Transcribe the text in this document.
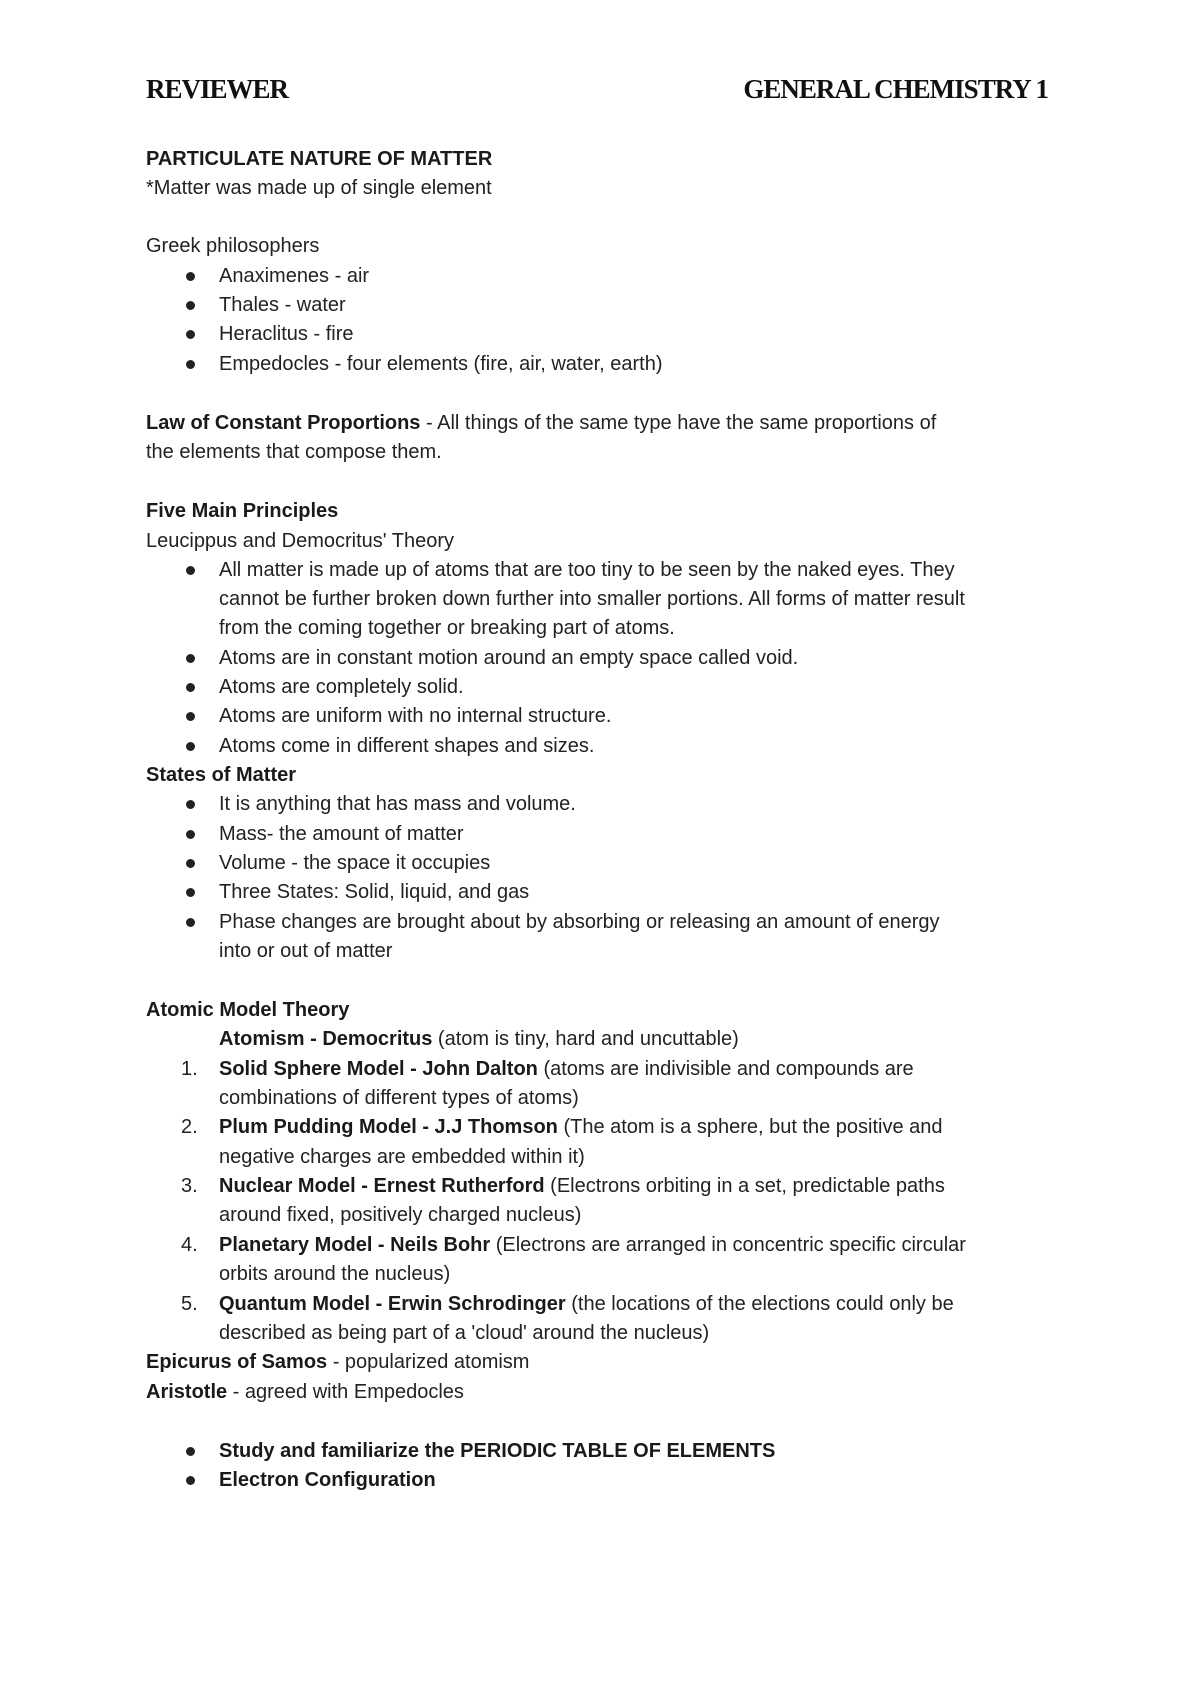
REVIEWER	GENERAL CHEMISTRY 1
PARTICULATE NATURE OF MATTER
*Matter was made up of single element
Greek philosophers
Anaximenes - air
Thales - water
Heraclitus - fire
Empedocles - four elements (fire, air, water, earth)
Law of Constant Proportions - All things of the same type have the same proportions of
the elements that compose them.
Five Main Principles
Leucippus and Democritus' Theory
All matter is made up of atoms that are too tiny to be seen by the naked eyes. They
cannot be further broken down further into smaller portions. All forms of matter result
from the coming together or breaking part of atoms.
Atoms are in constant motion around an empty space called void.
Atoms are completely solid.
Atoms are uniform with no internal structure.
Atoms come in different shapes and sizes.
States of Matter
It is anything that has mass and volume.
Mass- the amount of matter
Volume - the space it occupies
Three States: Solid, liquid, and gas
Phase changes are brought about by absorbing or releasing an amount of energy
into or out of matter
Atomic Model Theory
Atomism - Democritus (atom is tiny, hard and uncuttable)
1. Solid Sphere Model - John Dalton (atoms are indivisible and compounds are
combinations of different types of atoms)
2. Plum Pudding Model - J.J Thomson (The atom is a sphere, but the positive and
negative charges are embedded within it)
3. Nuclear Model - Ernest Rutherford (Electrons orbiting in a set, predictable paths
around fixed, positively charged nucleus)
4. Planetary Model - Neils Bohr (Electrons are arranged in concentric specific circular
orbits around the nucleus)
5. Quantum Model - Erwin Schrodinger (the locations of the elections could only be
described as being part of a 'cloud' around the nucleus)
Epicurus of Samos - popularized atomism
Aristotle - agreed with Empedocles
Study and familiarize the PERIODIC TABLE OF ELEMENTS
Electron Configuration
